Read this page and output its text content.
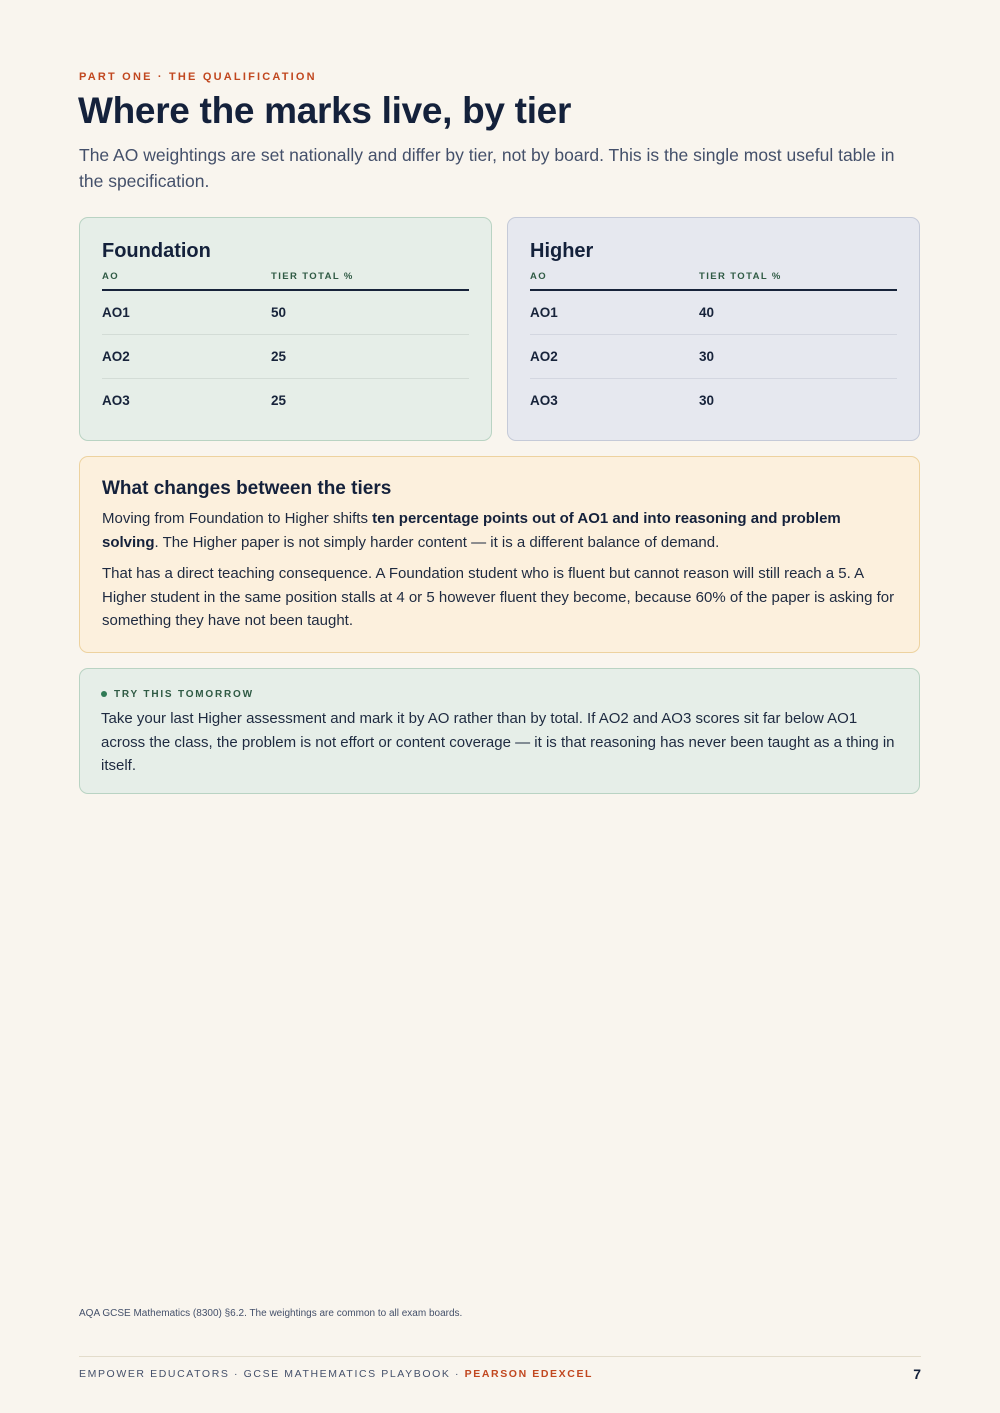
PART ONE · THE QUALIFICATION
Where the marks live, by tier

The AO weightings are set nationally and differ by tier, not by board. This is the single most useful table in the specification.

Foundation
AO	TIER TOTAL %
AO1	50
AO2	25
AO3	25
Higher
AO	TIER TOTAL %
AO1	40
AO2	30
AO3	30
What changes between the tiers

Moving from Foundation to Higher shifts ten percentage points out of AO1 and into reasoning and problem solving. The Higher paper is not simply harder content — it is a different balance of demand.

That has a direct teaching consequence. A Foundation student who is fluent but cannot reason will still reach a 5. A Higher student in the same position stalls at 4 or 5 however fluent they become, because 60% of the paper is asking for something they have not been taught.

TRY THIS TOMORROW

Take your last Higher assessment and mark it by AO rather than by total. If AO2 and AO3 scores sit far below AO1 across the class, the problem is not effort or content coverage — it is that reasoning has never been taught as a thing in itself.

AQA GCSE Mathematics (8300) §6.2. The weightings are common to all exam boards.
EMPOWER EDUCATORS · GCSE MATHEMATICS PLAYBOOK · PEARSON EDEXCEL	7
